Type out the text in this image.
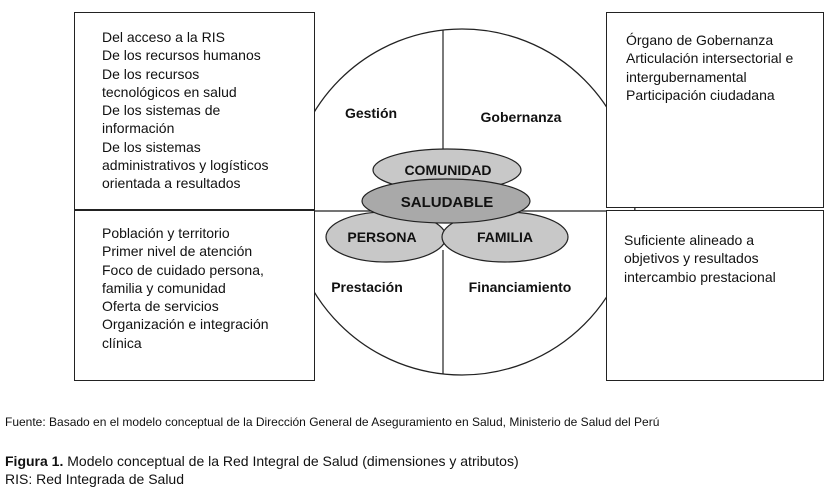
Gestión	Gobernanza
Prestación	Financiamiento
COMUNIDAD
SALUDABLE
PERSONA	FAMILIA
Del acceso a la RIS
De los recursos humanos
De los recursos
tecnológicos en salud
De los sistemas de
información
De los sistemas
administrativos y logísticos
orientada a resultados
Población y territorio
Primer nivel de atención
Foco de cuidado persona,
familia y comunidad
Oferta de servicios
Organización e integración
clínica
Órgano de Gobernanza
Articulación intersectorial e
intergubernamental
Participación ciudadana
Suficiente alineado a
objetivos y resultados
intercambio prestacional
Fuente: Basado en el modelo conceptual de la Dirección General de Aseguramiento en Salud, Ministerio de Salud del Perú
Figura 1. Modelo conceptual de la Red Integral de Salud (dimensiones y atributos)
RIS: Red Integrada de Salud
